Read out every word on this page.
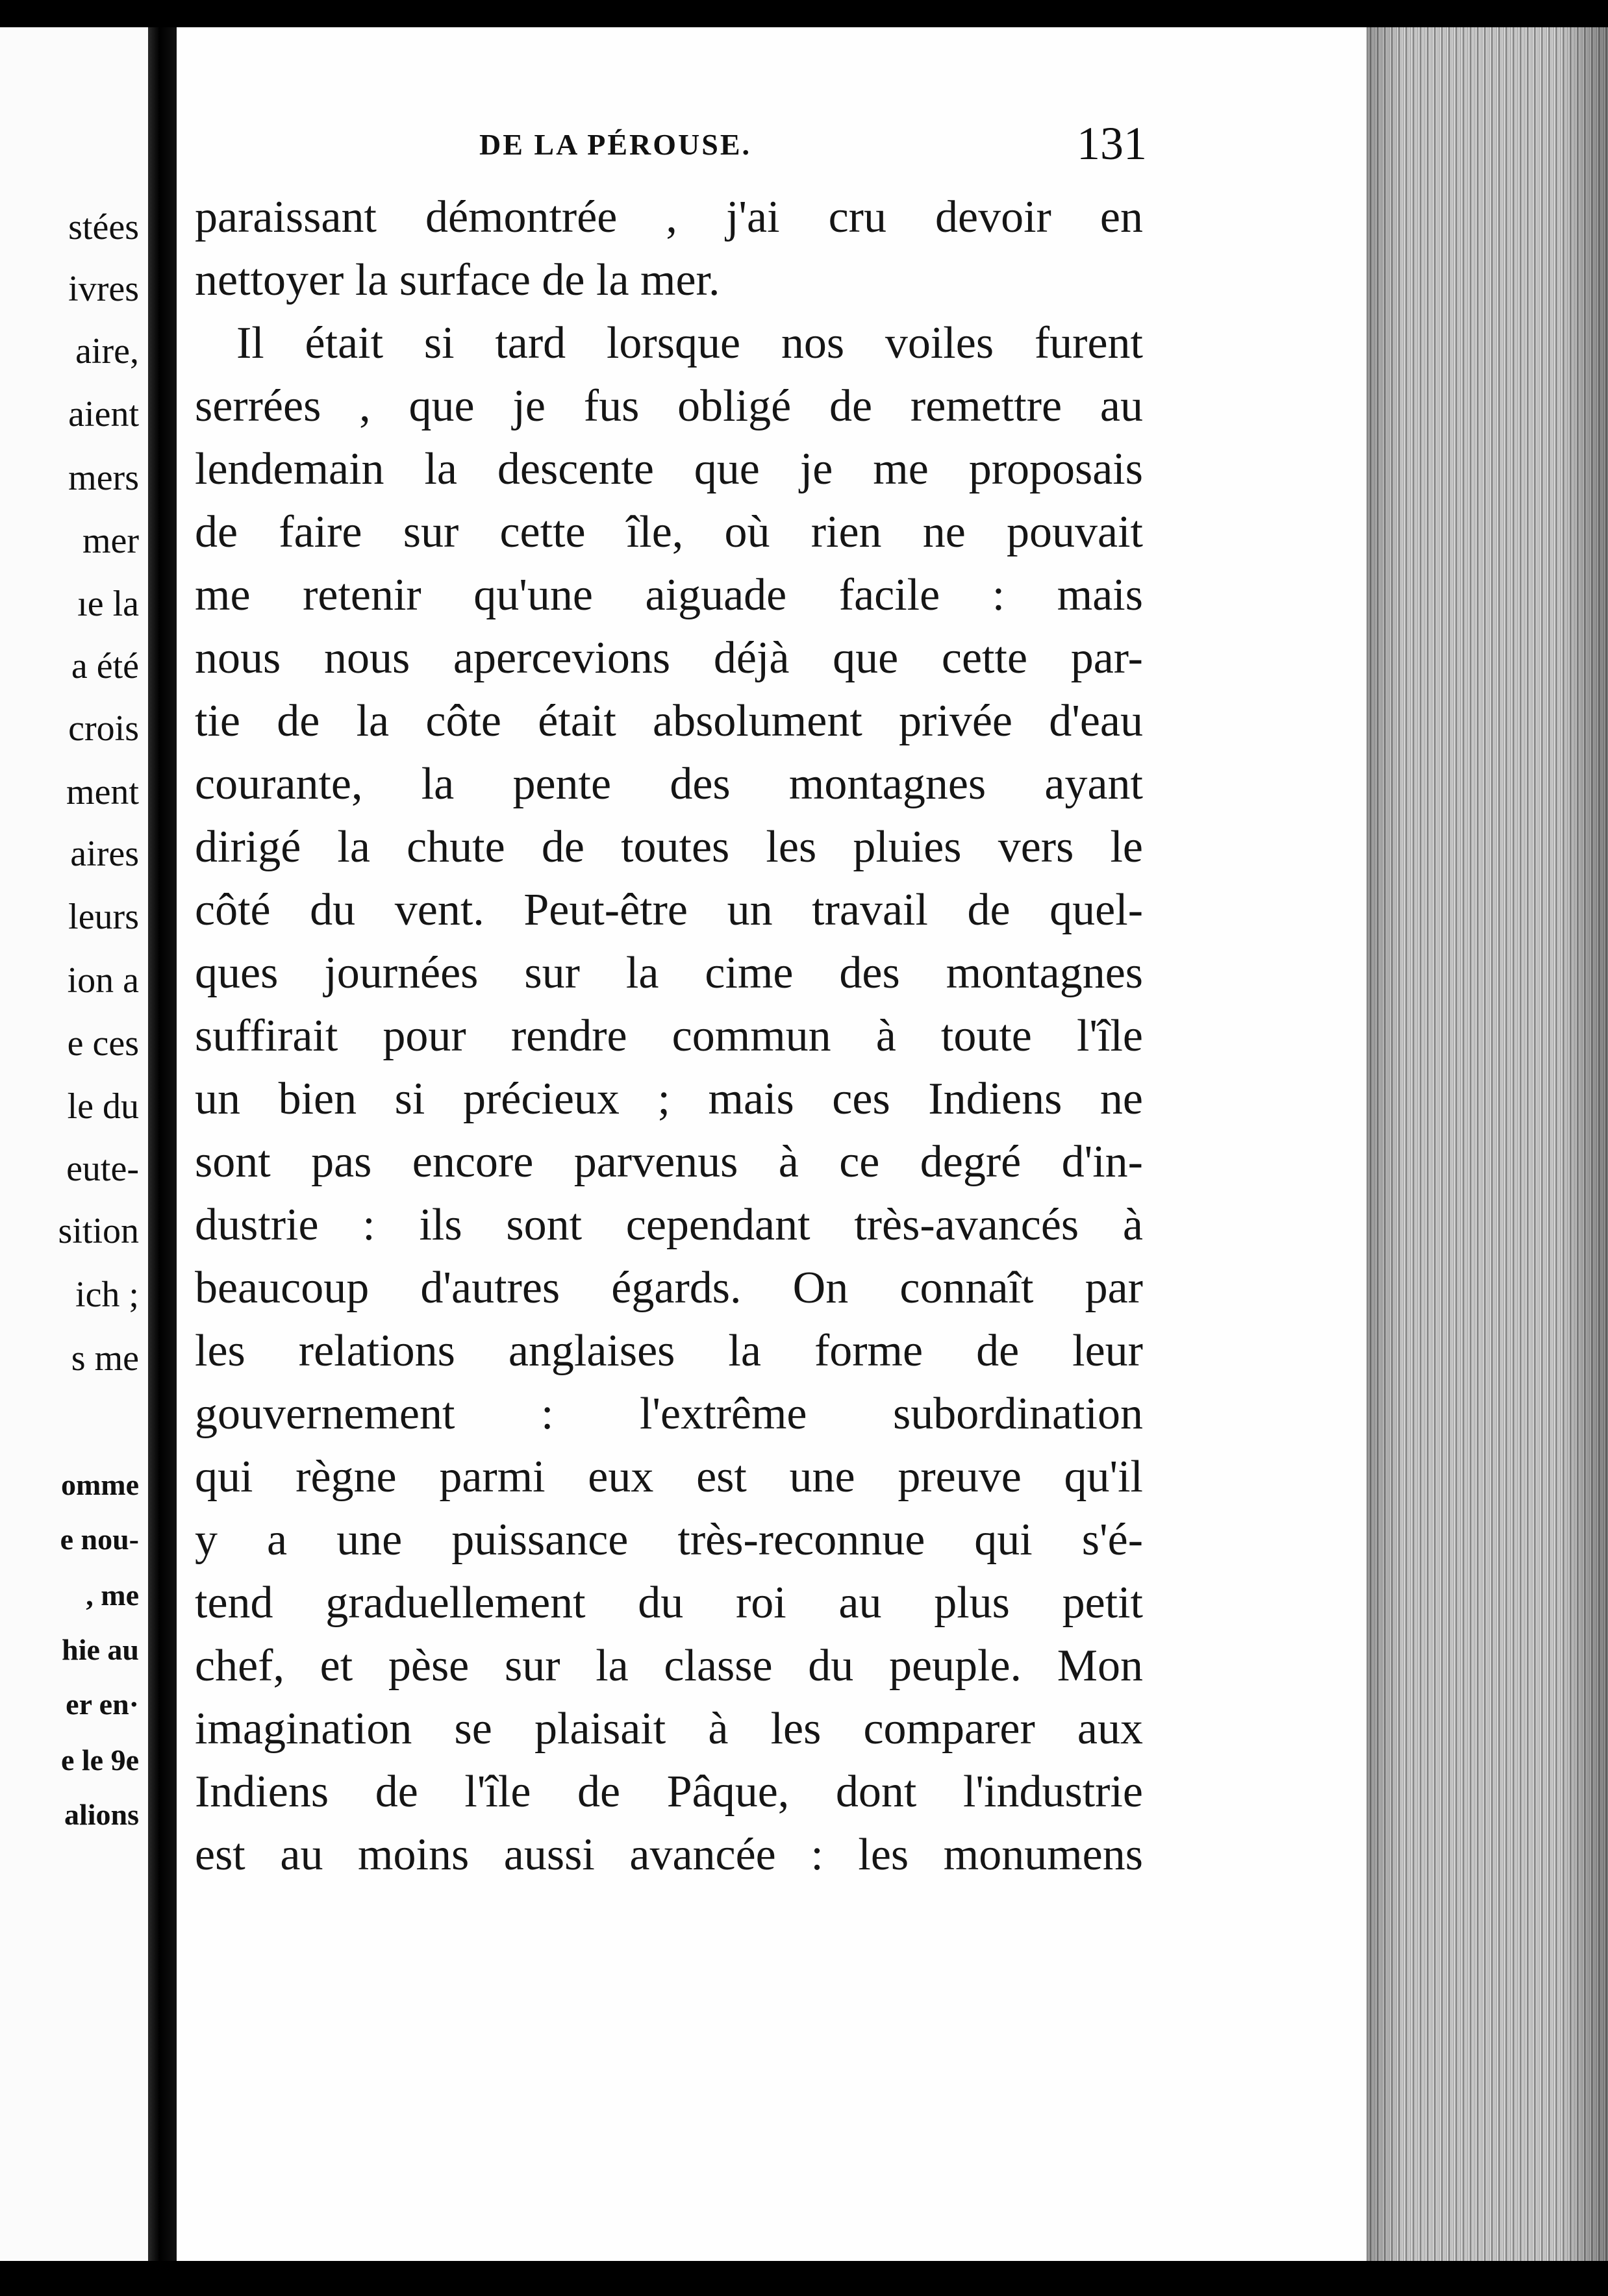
stées
ivres
aire,
aient
mers
mer
ıe la
a été
crois
ment
aires
leurs
ion a
e ces
le du
eute-
sition
ich ;
s me
omme
e nou-
, me
hie au
er en·
e le 9e
alions
DE LA PÉROUSE.	131
paraissant démontrée , j'ai cru devoir en
nettoyer la surface de la mer.
Il était si tard lorsque nos voiles furent
serrées , que je fus obligé de remettre au
lendemain la descente que je me proposais
de faire sur cette île, où rien ne pouvait
me retenir qu'une aiguade facile : mais
nous nous apercevions déjà que cette par-
tie de la côte était absolument privée d'eau
courante, la pente des montagnes ayant
dirigé la chute de toutes les pluies vers le
côté du vent. Peut-être un travail de quel-
ques journées sur la cime des montagnes
suffirait pour rendre commun à toute l'île
un bien si précieux ; mais ces Indiens ne
sont pas encore parvenus à ce degré d'in-
dustrie : ils sont cependant très-avancés à
beaucoup d'autres égards. On connaît par
les relations anglaises la forme de leur
gouvernement : l'extrême subordination
qui règne parmi eux est une preuve qu'il
y a une puissance très-reconnue qui s'é-
tend graduellement du roi au plus petit
chef, et pèse sur la classe du peuple. Mon
imagination se plaisait à les comparer aux
Indiens de l'île de Pâque, dont l'industrie
est au moins aussi avancée : les monumens
